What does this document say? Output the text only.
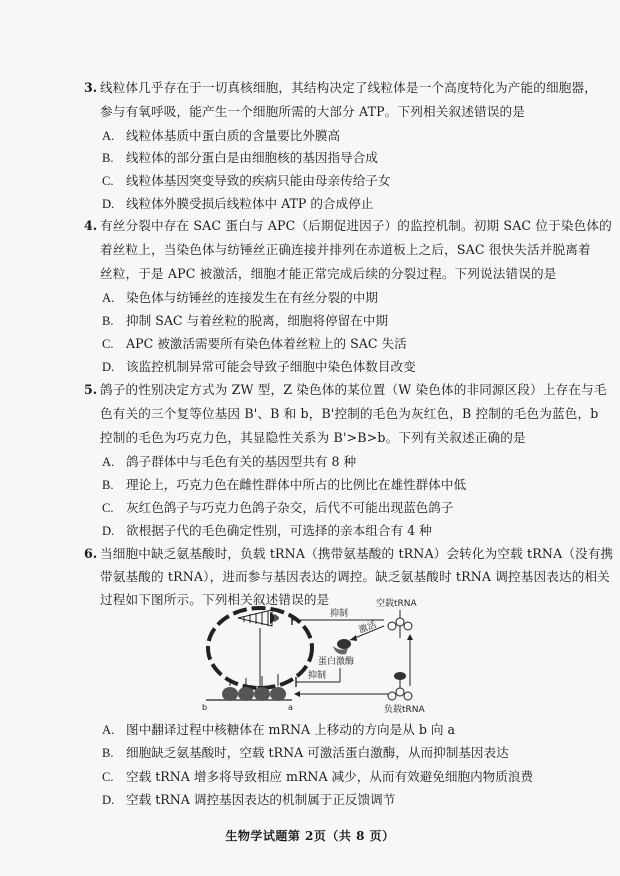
3. 线粒体几乎存在于一切真核细胞，其结构决定了线粒体是一个高度特化为产能的细胞器，
参与有氧呼吸，能产生一个细胞所需的大部分 ATP。下列相关叙述错误的是
A. 线粒体基质中蛋白质的含量要比外膜高
B. 线粒体的部分蛋白是由细胞核的基因指导合成
C. 线粒体基因突变导致的疾病只能由母亲传给子女
D. 线粒体外膜受损后线粒体中 ATP 的合成停止
4. 有丝分裂中存在 SAC 蛋白与 APC（后期促进因子）的监控机制。初期 SAC 位于染色体的
着丝粒上，当染色体与纺锤丝正确连接并排列在赤道板上之后，SAC 很快失活并脱离着
丝粒，于是 APC 被激活，细胞才能正常完成后续的分裂过程。下列说法错误的是
A. 染色体与纺锤丝的连接发生在有丝分裂的中期
B. 抑制 SAC 与着丝粒的脱离，细胞将停留在中期
C. APC 被激活需要所有染色体着丝粒上的 SAC 失活
D. 该监控机制异常可能会导致子细胞中染色体数目改变
5. 鸽子的性别决定方式为 ZW 型，Z 染色体的某位置（W 染色体的非同源区段）上存在与毛
色有关的三个复等位基因 B'、B 和 b，B'控制的毛色为灰红色，B 控制的毛色为蓝色，b
控制的毛色为巧克力色，其显隐性关系为 B'>B>b。下列有关叙述正确的是
A. 鸽子群体中与毛色有关的基因型共有 8 种
B. 理论上，巧克力色在雌性群体中所占的比例比在雄性群体中低
C. 灰红色鸽子与巧克力色鸽子杂交，后代不可能出现蓝色鸽子
D. 欲根据子代的毛色确定性别，可选择的亲本组合有 4 种
6. 当细胞中缺乏氨基酸时，负载 tRNA（携带氨基酸的 tRNA）会转化为空载 tRNA（没有携
带氨基酸的 tRNA），进而参与基因表达的调控。缺乏氨基酸时 tRNA 调控基因表达的相关
过程如下图所示。下列相关叙述错误的是
抑制
激活
蛋白激酶
抑制
空载tRNA
负载tRNA
b	a
A. 图中翻译过程中核糖体在 mRNA 上移动的方向是从 b 向 a
B. 细胞缺乏氨基酸时，空载 tRNA 可激活蛋白激酶，从而抑制基因表达
C. 空载 tRNA 增多将导致相应 mRNA 减少，从而有效避免细胞内物质浪费
D. 空载 tRNA 调控基因表达的机制属于正反馈调节
生物学试题第 2页（共 8 页）
